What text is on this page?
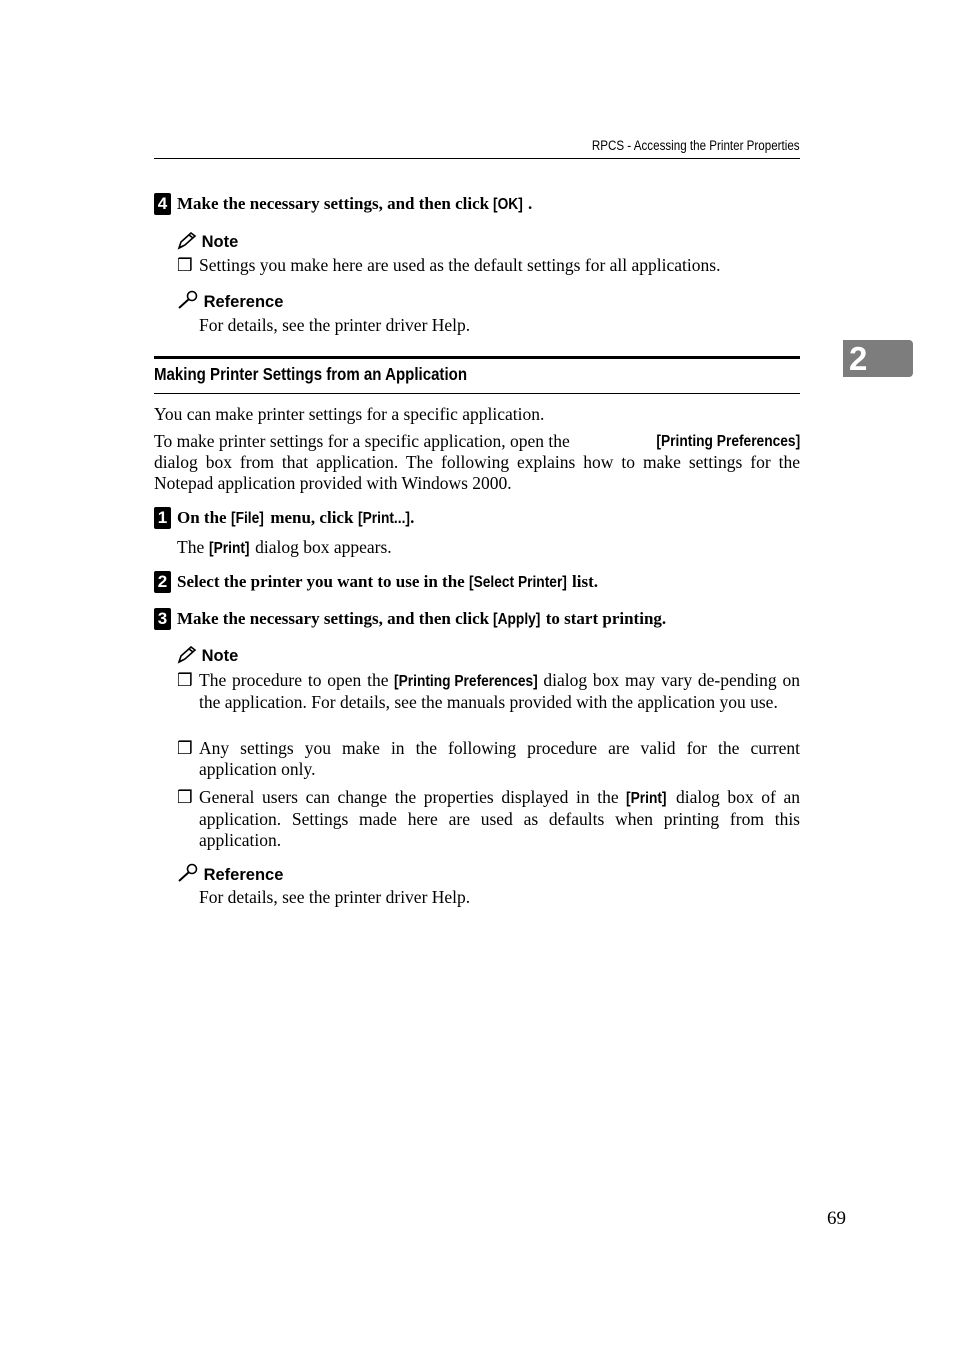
RPCS - Accessing the Printer Properties
2
4 Make the necessary settings, and then click [OK] .
Note
❒ Settings you make here are used as the default settings for all applications.
Reference
For details, see the printer driver Help.
Making Printer Settings from an Application
You can make printer settings for a specific application.
To make printer settings for a specific application, open the	[Printing Preferences]
dialog box from that application. The following explains how to make settings for the Notepad application provided with Windows 2000.
1 On the [File] menu, click [Print...].
The [Print] dialog box appears.
2 Select the printer you want to use in the [Select Printer] list.
3 Make the necessary settings, and then click [Apply] to start printing.
Note
❒ The procedure to open the [Printing Preferences] dialog box may vary de-pending on the application. For details, see the manuals provided with the application you use.
❒ Any settings you make in the following procedure are valid for the current application only.
❒ General users can change the properties displayed in the [Print] dialog box of an application. Settings made here are used as defaults when printing from this application.
Reference
For details, see the printer driver Help.
69
